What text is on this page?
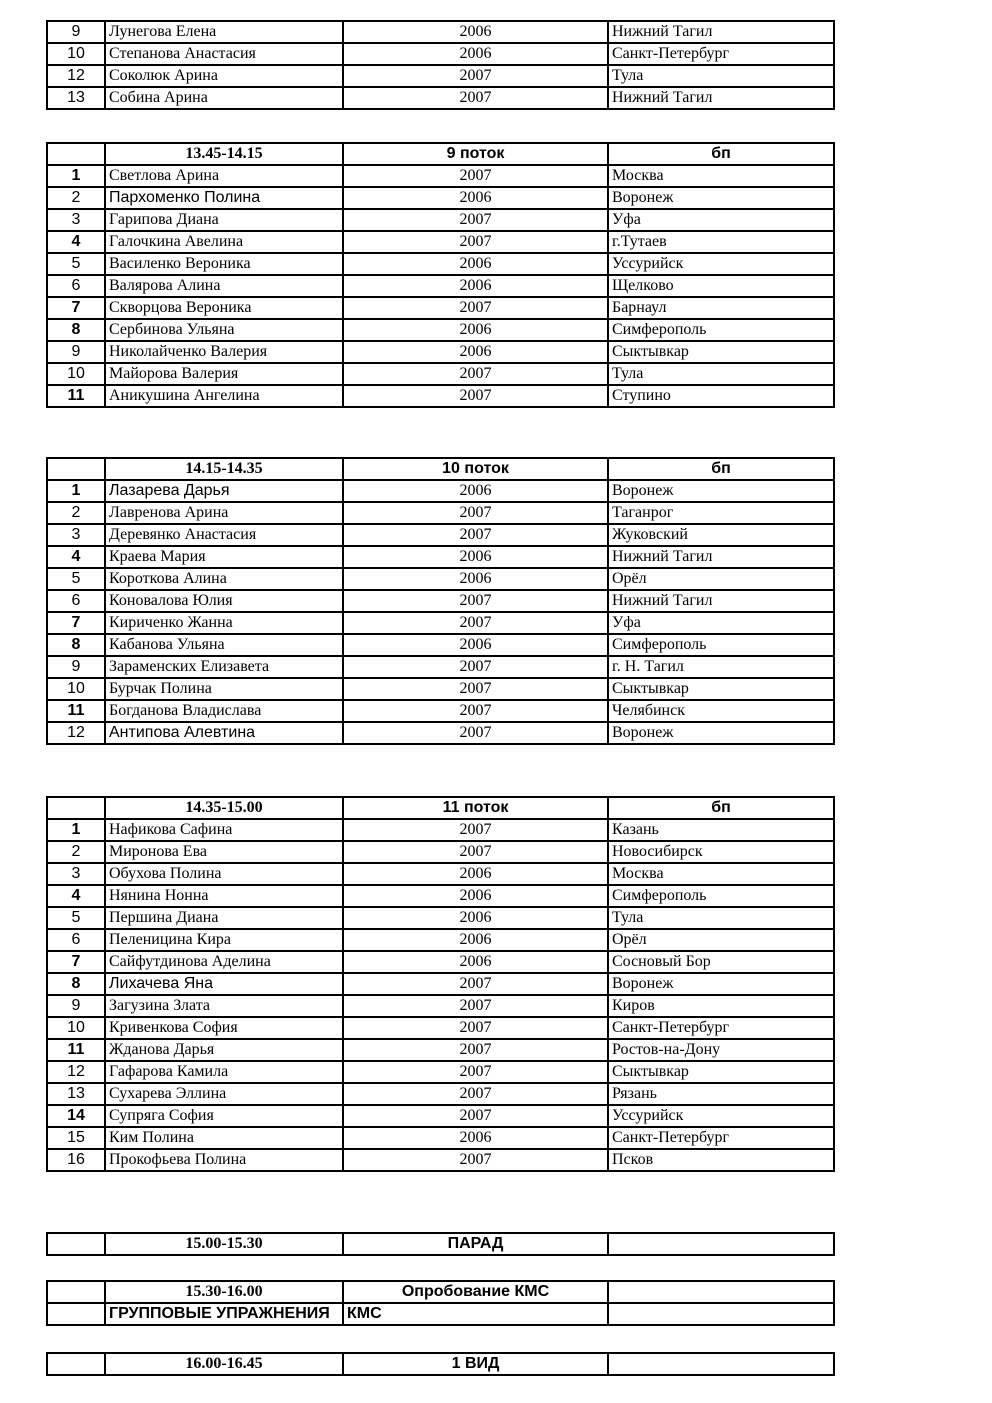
9	Лунегова Елена	2006	Нижний Тагил
10	Степанова Анастасия	2006	Санкт-Петербург
12	Соколюк Арина	2007	Тула
13	Собина Арина	2007	Нижний Тагил
	13.45-14.15	9 поток	бп
1	Светлова Арина	2007	Москва
2	Пархоменко Полина	2006	Воронеж
3	Гарипова Диана	2007	Уфа
4	Галочкина Авелина	2007	г.Тутаев
5	Василенко Вероника	2006	Уссурийск
6	Валярова Алина	2006	Щелково
7	Скворцова Вероника	2007	Барнаул
8	Сербинова Ульяна	2006	Симферополь
9	Николайченко Валерия	2006	Сыктывкар
10	Майорова Валерия	2007	Тула
11	Аникушина Ангелина	2007	Ступино
	14.15-14.35	10 поток	бп
1	Лазарева Дарья	2006	Воронеж
2	Лавренова Арина	2007	Таганрог
3	Деревянко Анастасия	2007	Жуковский
4	Краева Мария	2006	Нижний Тагил
5	Короткова Алина	2006	Орёл
6	Коновалова Юлия	2007	Нижний Тагил
7	Кириченко Жанна	2007	Уфа
8	Кабанова Ульяна	2006	Симферополь
9	Зараменских Елизавета	2007	г. Н. Тагил
10	Бурчак Полина	2007	Сыктывкар
11	Богданова Владислава	2007	Челябинск
12	Антипова Алевтина	2007	Воронеж
	14.35-15.00	11 поток	бп
1	Нафикова Сафина	2007	Казань
2	Миронова Ева	2007	Новосибирск
3	Обухова Полина	2006	Москва
4	Нянина Нонна	2006	Симферополь
5	Першина Диана	2006	Тула
6	Пеленицина Кира	2006	Орёл
7	Сайфутдинова Аделина	2006	Сосновый Бор
8	Лихачева Яна	2007	Воронеж
9	Загузина Злата	2007	Киров
10	Кривенкова София	2007	Санкт-Петербург
11	Жданова Дарья	2007	Ростов-на-Дону
12	Гафарова Камила	2007	Сыктывкар
13	Сухарева Эллина	2007	Рязань
14	Супряга София	2007	Уссурийск
15	Ким Полина	2006	Санкт-Петербург
16	Прокофьева Полина	2007	Псков
	15.00-15.30	ПАРАД	
	15.30-16.00	Опробование КМС	
	ГРУППОВЫЕ УПРАЖНЕНИЯ	КМС	
	16.00-16.45	1 ВИД	
